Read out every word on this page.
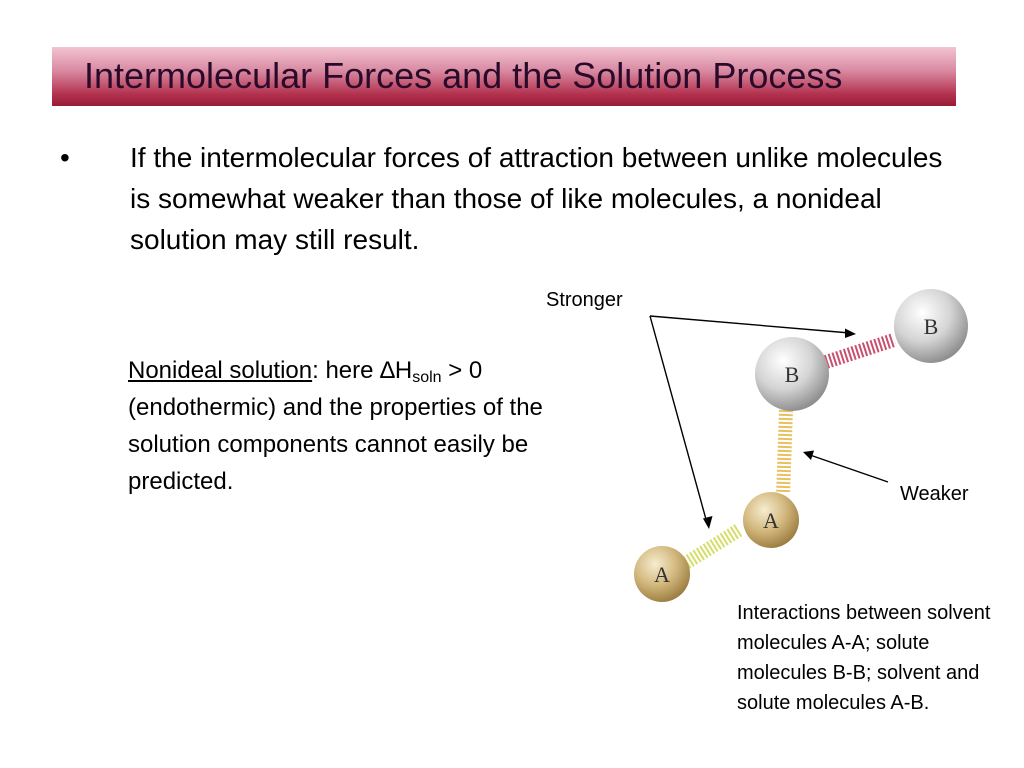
Intermolecular Forces and the Solution Process
• If the intermolecular forces of attraction between unlike molecules is somewhat weaker than those of like molecules, a nonideal solution may still result.
Nonideal solution: here $\Delta H_{soln} > 0$
(endothermic) and the properties of the solution components cannot easily be predicted.
B
B
A
A
Stronger
Weaker
Interactions between solvent molecules A-A; solute molecules B-B; solvent and solute molecules A-B.
